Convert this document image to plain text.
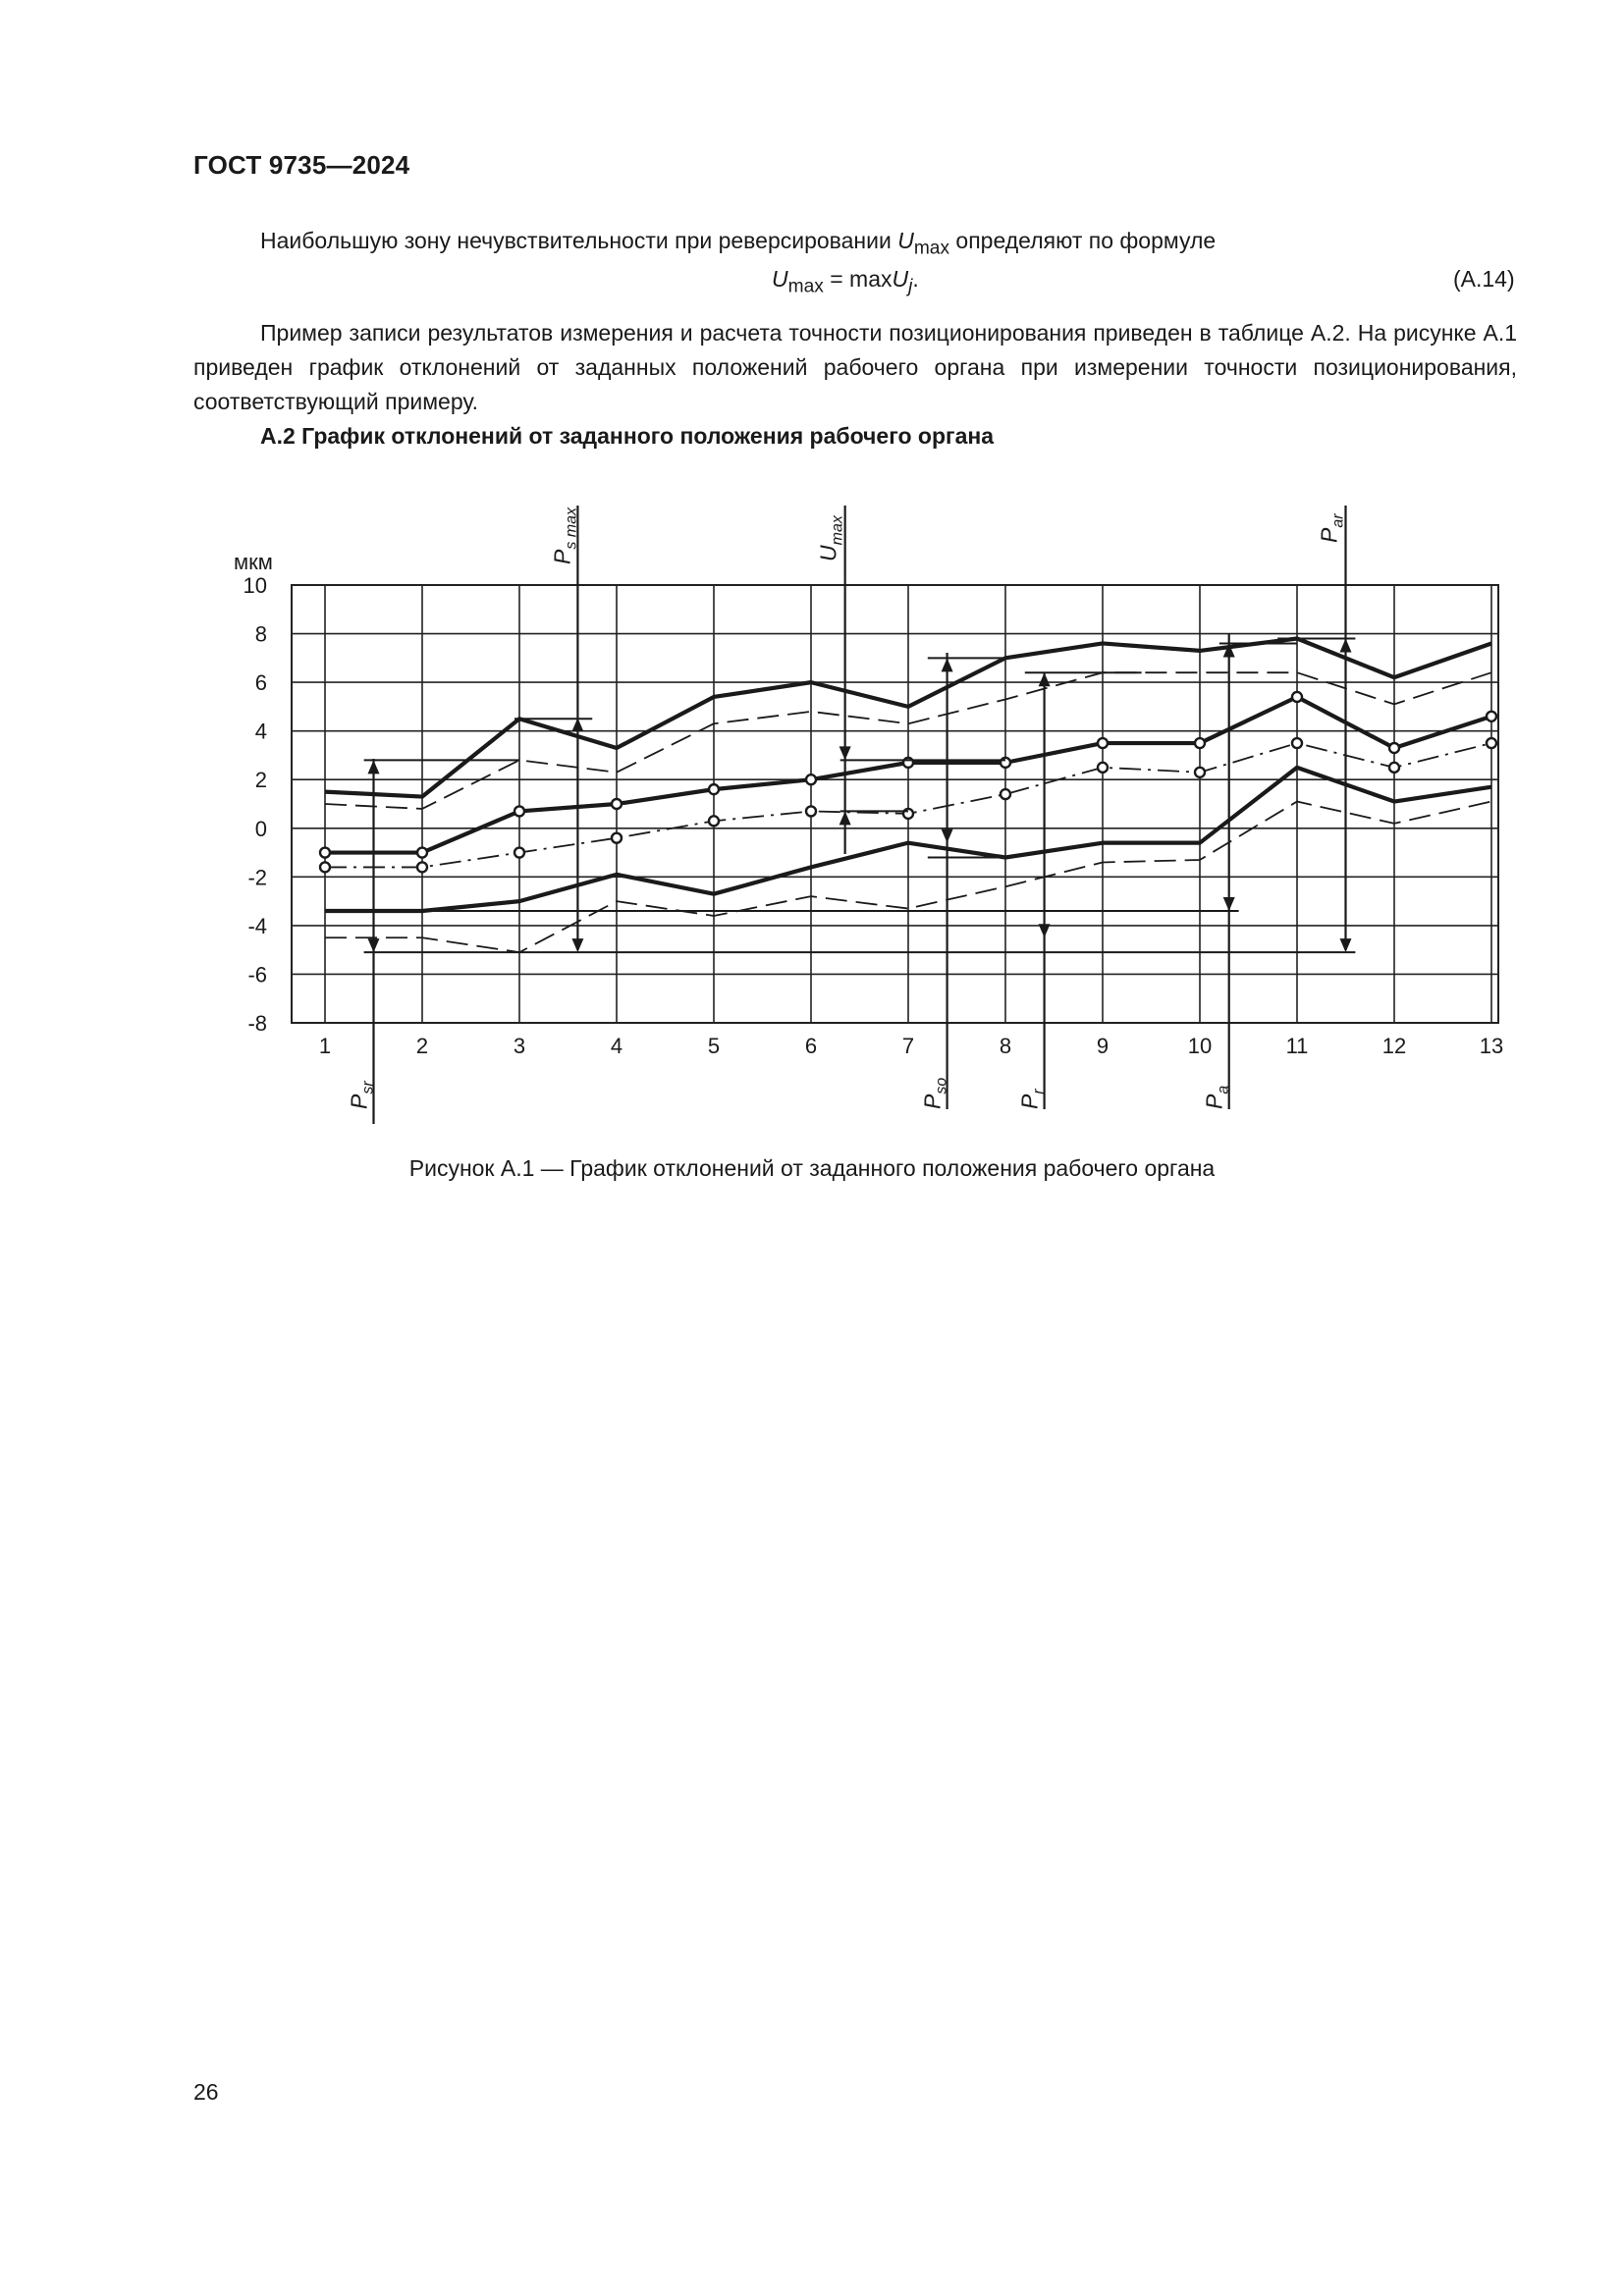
ГОСТ 9735—2024
Наибольшую зону нечувствительности при реверсировании $U_{max}$ определяют по формуле
$U_{max} = \max U_j$.	(А.14)
Пример записи результатов измерения и расчета точности позиционирования приведен в таблице А.2. На рисунке А.1 приведен график отклонений от заданных положений рабочего органа при измерении точности позиционирования, соответствующий примеру.
А.2 График отклонений от заданного положения рабочего органа
10
8
6
4
2
0
-2
-4
-6
-8
1	2	3	4	5	6	7	8	9	10	11	12	13
мкм	$P_{s max}$
$U_{max}$	$P_{ar}$
$P_{sr}$
$P_{so}$
$P_r$
$P_a$
Рисунок А.1 — График отклонений от заданного положения рабочего органа
26
